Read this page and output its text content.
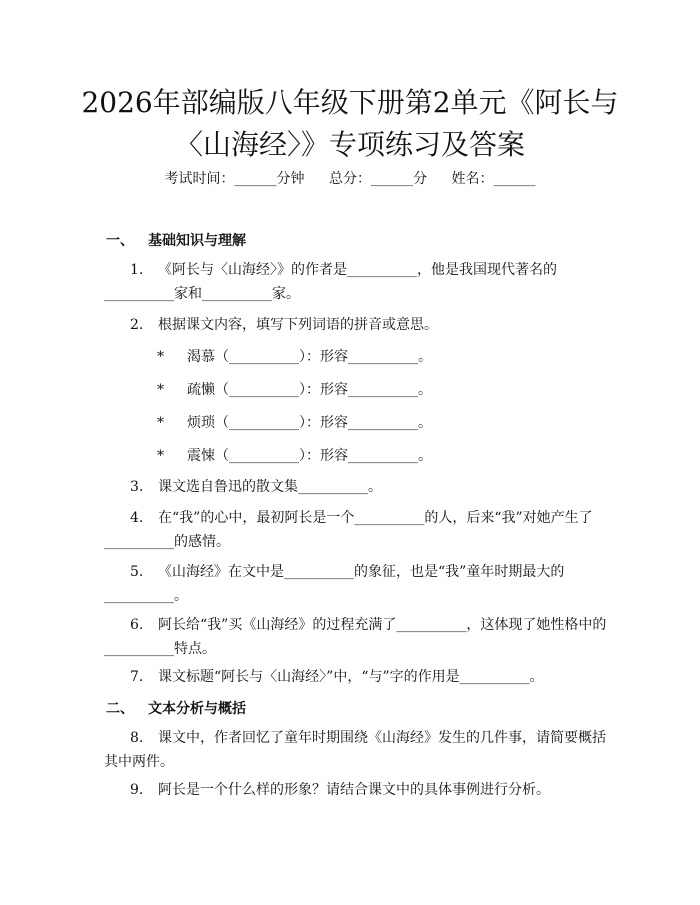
2026年部编版八年级下册第2单元《阿长与
〈山海经〉》专项练习及答案
考试时间：______分钟 总分：______分 姓名：______
一、 基础知识与理解
1. 《阿长与〈山海经〉》的作者是__________，他是我国现代著名的__________家和__________家。
2. 根据课文内容，填写下列词语的拼音或意思。
* 渴慕（__________）：形容__________。
* 疏懒（__________）：形容__________。
* 烦琐（__________）：形容__________。
* 震悚（__________）：形容__________。
3. 课文选自鲁迅的散文集__________。
4. 在“我”的心中，最初阿长是一个__________的人，后来“我”对她产生了__________的感情。
5. 《山海经》在文中是__________的象征，也是“我”童年时期最大的__________。
6. 阿长给“我”买《山海经》的过程充满了__________，这体现了她性格中的__________特点。
7. 课文标题“阿长与〈山海经〉”中，“与”字的作用是__________。
二、 文本分析与概括
8. 课文中，作者回忆了童年时期围绕《山海经》发生的几件事，请简要概括其中两件。
9. 阿长是一个什么样的形象？请结合课文中的具体事例进行分析。
